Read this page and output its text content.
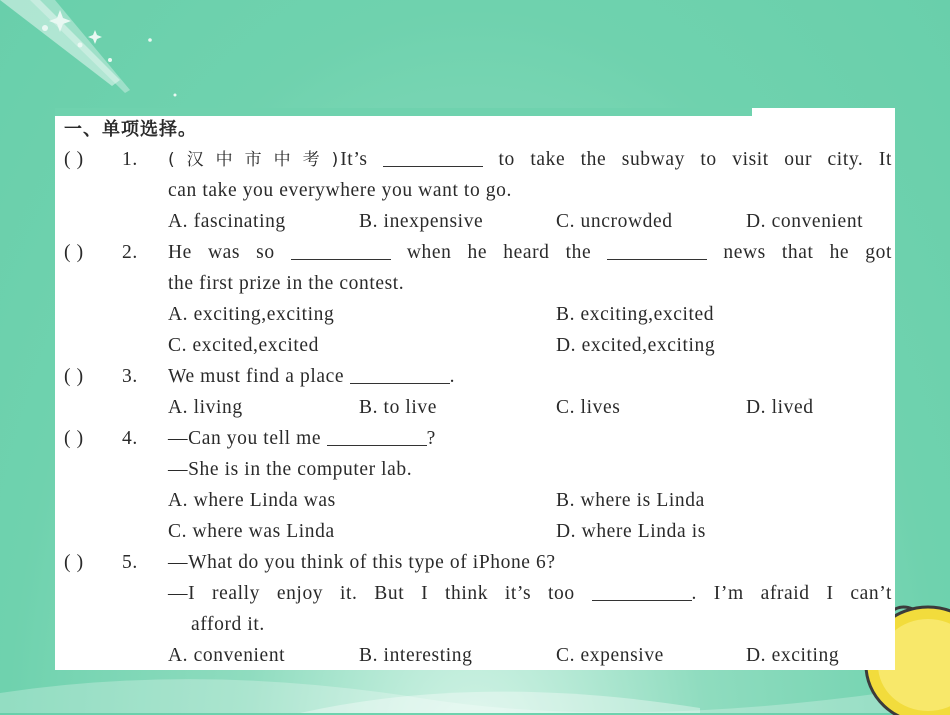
一、单项选择。
( ) 1. (汉中市中考)It’s	to take the subway to visit our city. It
can take you everywhere you want to go.
A. fascinating	B. inexpensive	C. uncrowded	D. convenient
( ) 2. He was so	when he heard the	news that he got
the first prize in the contest.
A. exciting,exciting	B. exciting,excited
C. excited,excited	D. excited,exciting
( ) 3. We must find a place	.
A. living	B. to live	C. lives	D. lived
( ) 4. —Can you tell me	?
—She is in the computer lab.
A. where Linda was	B. where is Linda
C. where was Linda	D. where Linda is
( ) 5. —What do you think of this type of iPhone 6?
—I really enjoy it. But I think it’s too	. I’m afraid I can’t
afford it.
A. convenient	B. interesting	C. expensive	D. exciting
